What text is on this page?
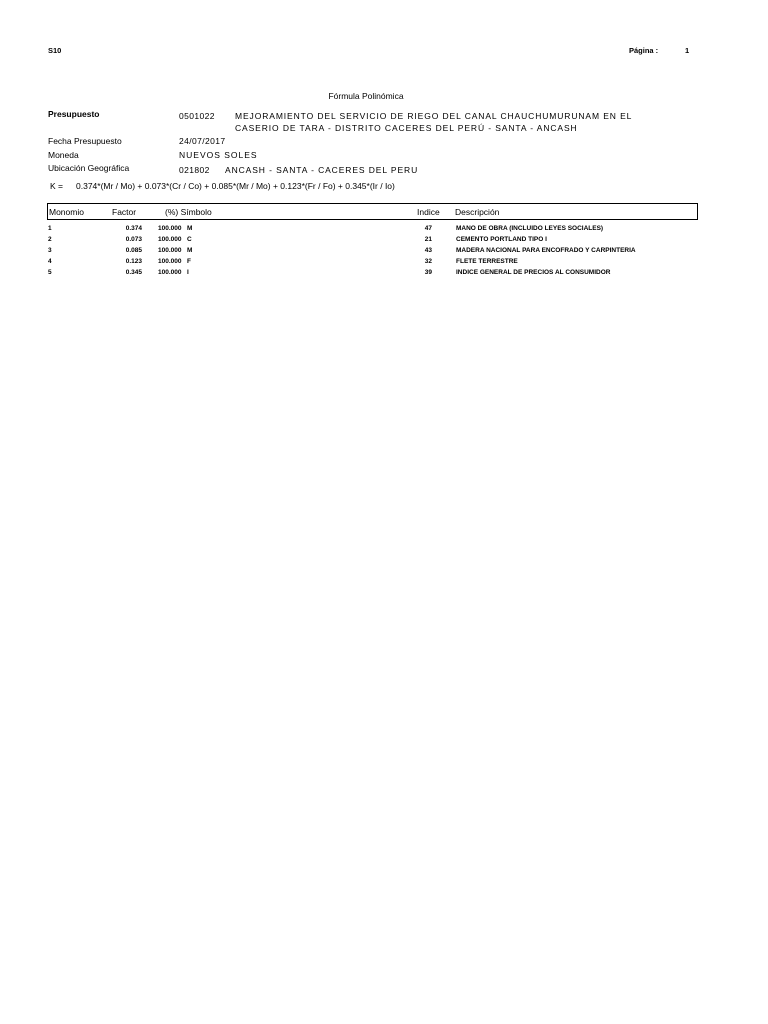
S10	Página :	1
Fórmula Polinómica
Presupuesto	0501022 MEJORAMIENTO DEL SERVICIO DE RIEGO DEL CANAL CHAUCHUMURUNAM EN EL
CASERIO DE TARA - DISTRITO CACERES DEL PERÚ - SANTA - ANCASH
Fecha Presupuesto	24/07/2017
Moneda	NUEVOS SOLES
Ubicación Geográfica	021802 ANCASH - SANTA - CACERES DEL PERU
K = 0.374*(Mr / Mo) + 0.073*(Cr / Co) + 0.085*(Mr / Mo) + 0.123*(Fr / Fo) + 0.345*(Ir / Io)
Monomio	Factor	(%) Símbolo	Indice Descripción
1	0.374 100.000 M	47	MANO DE OBRA (INCLUIDO LEYES SOCIALES)
2	0.073 100.000 C	21	CEMENTO PORTLAND TIPO I
3	0.085 100.000 M	43	MADERA NACIONAL PARA ENCOFRADO Y CARPINTERIA
4	0.123 100.000 F	32	FLETE TERRESTRE
5	0.345 100.000 I	39	INDICE GENERAL DE PRECIOS AL CONSUMIDOR
